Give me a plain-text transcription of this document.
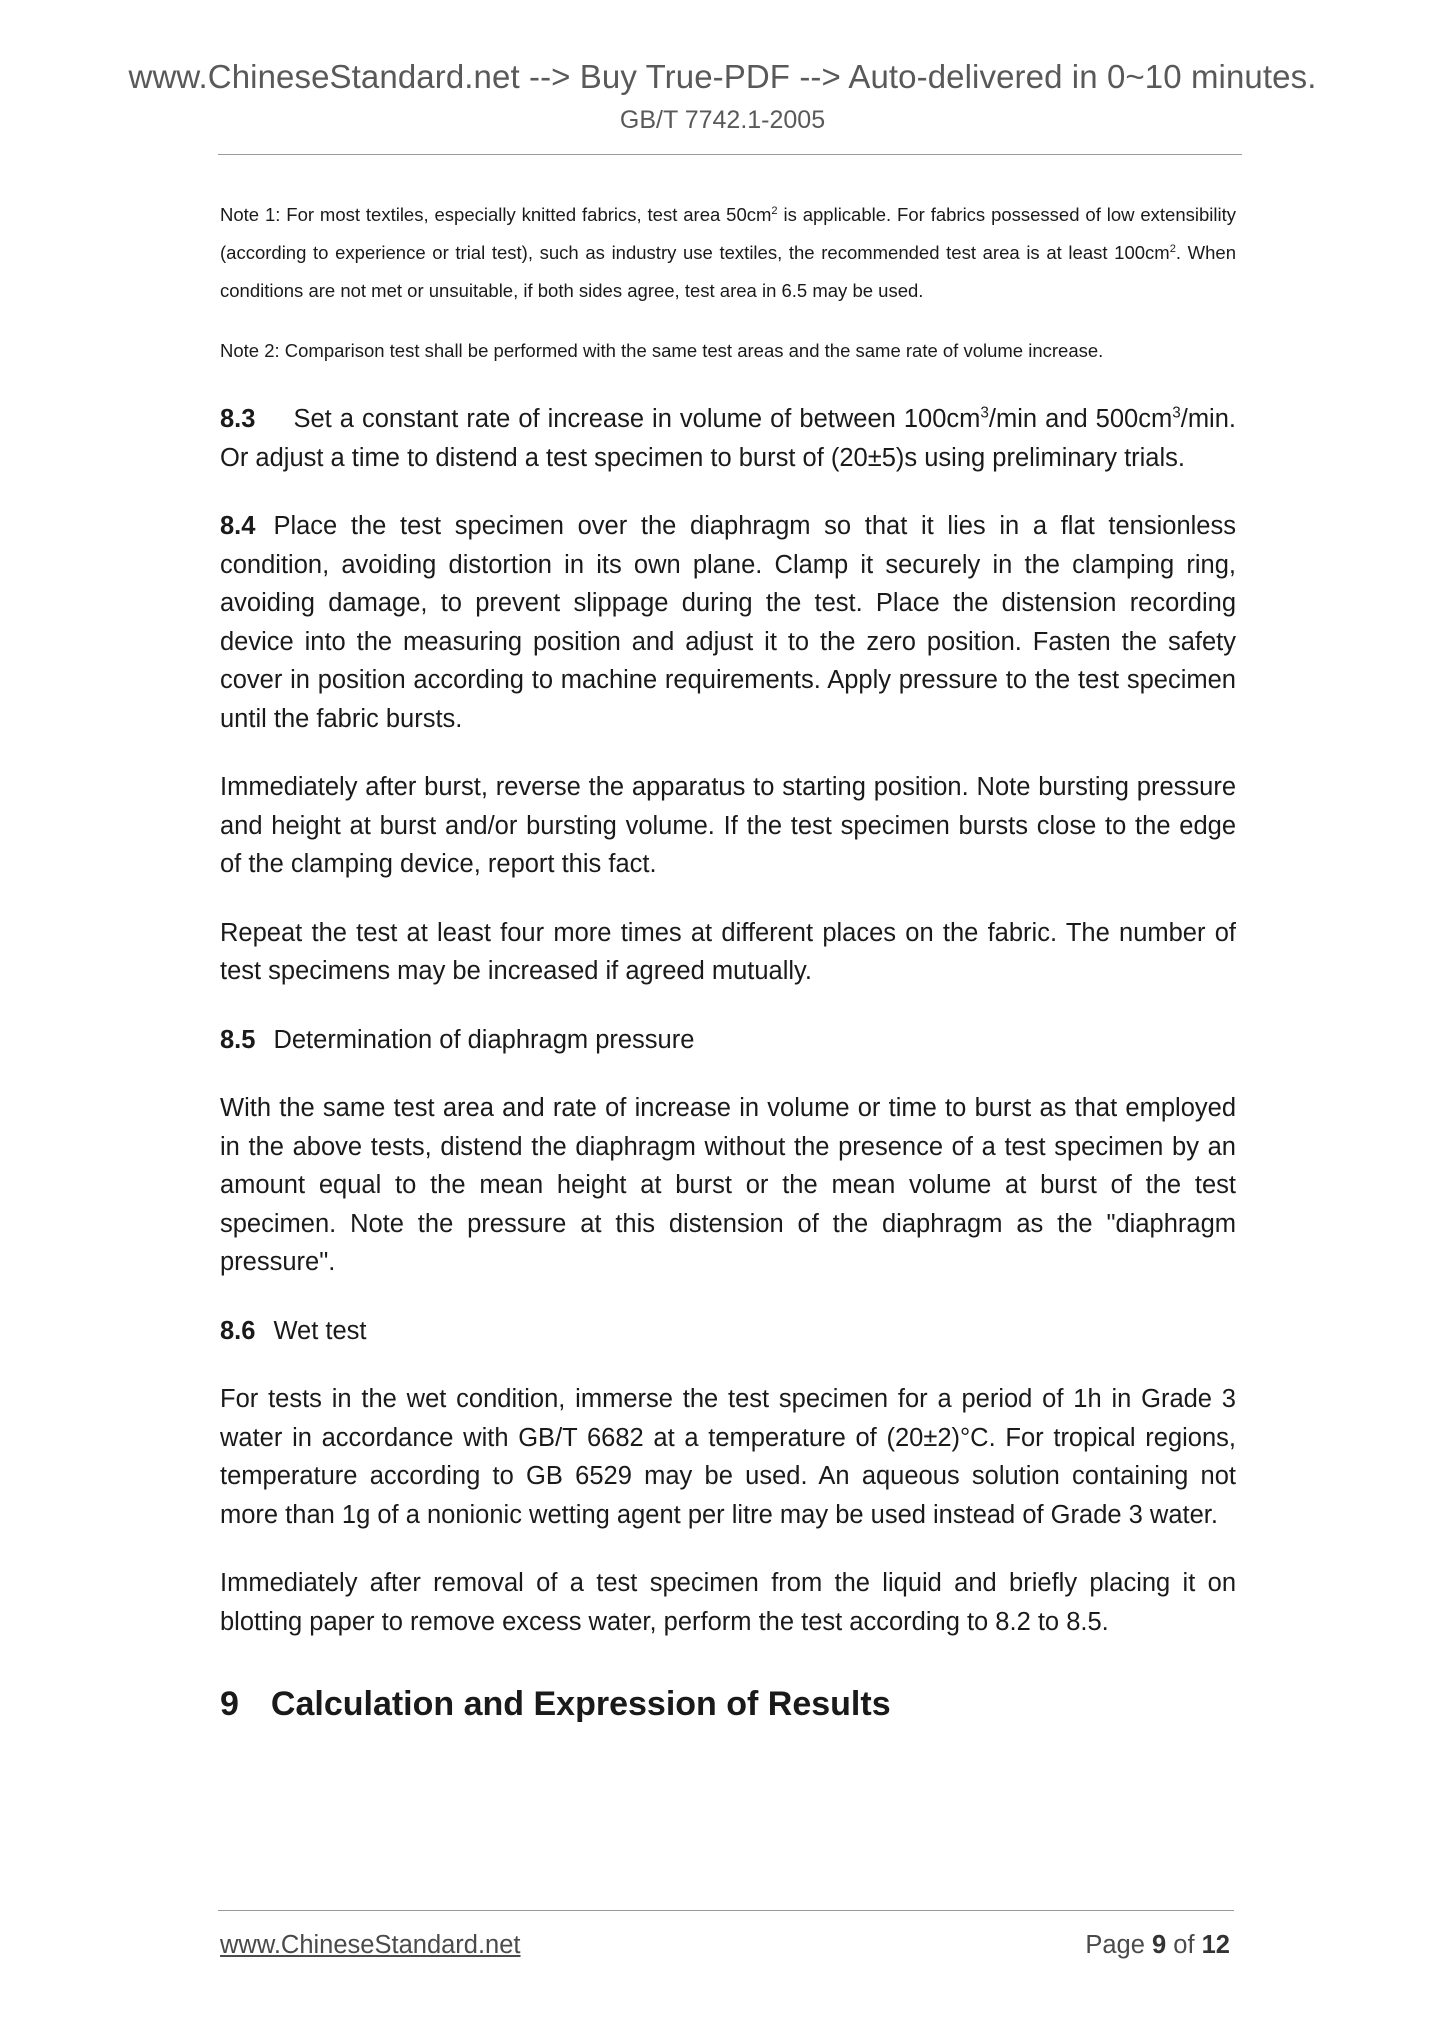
www.ChineseStandard.net --> Buy True-PDF --> Auto-delivered in 0~10 minutes.
GB/T 7742.1-2005

Note 1: For most textiles, especially knitted fabrics, test area $50cm^2$ is applicable. For fabrics possessed of low extensibility (according to experience or trial test), such as industry use textiles, the recommended test area is at least $100cm^2$. When conditions are not met or unsuitable, if both sides agree, test area in 6.5 may be used.

Note 2: Comparison test shall be performed with the same test areas and the same rate of volume increase.

8.3 Set a constant rate of increase in volume of between $100cm^3/\min$ and $500cm^3/\min$. Or adjust a time to distend a test specimen to burst of (20±5)s using preliminary trials.

8.4 Place the test specimen over the diaphragm so that it lies in a flat tensionless condition, avoiding distortion in its own plane. Clamp it securely in the clamping ring, avoiding damage, to prevent slippage during the test. Place the distension recording device into the measuring position and adjust it to the zero position. Fasten the safety cover in position according to machine requirements. Apply pressure to the test specimen until the fabric bursts.

Immediately after burst, reverse the apparatus to starting position. Note bursting pressure and height at burst and/or bursting volume. If the test specimen bursts close to the edge of the clamping device, report this fact.

Repeat the test at least four more times at different places on the fabric. The number of test specimens may be increased if agreed mutually.

8.5 Determination of diaphragm pressure

With the same test area and rate of increase in volume or time to burst as that employed in the above tests, distend the diaphragm without the presence of a test specimen by an amount equal to the mean height at burst or the mean volume at burst of the test specimen. Note the pressure at this distension of the diaphragm as the "diaphragm pressure".

8.6 Wet test

For tests in the wet condition, immerse the test specimen for a period of 1h in Grade 3 water in accordance with GB/T 6682 at a temperature of (20±2)°C. For tropical regions, temperature according to GB 6529 may be used. An aqueous solution containing not more than 1g of a nonionic wetting agent per litre may be used instead of Grade 3 water.

Immediately after removal of a test specimen from the liquid and briefly placing it on blotting paper to remove excess water, perform the test according to 8.2 to 8.5.

9 Calculation and Expression of Results
www.ChineseStandard.net	Page 9 of 12
